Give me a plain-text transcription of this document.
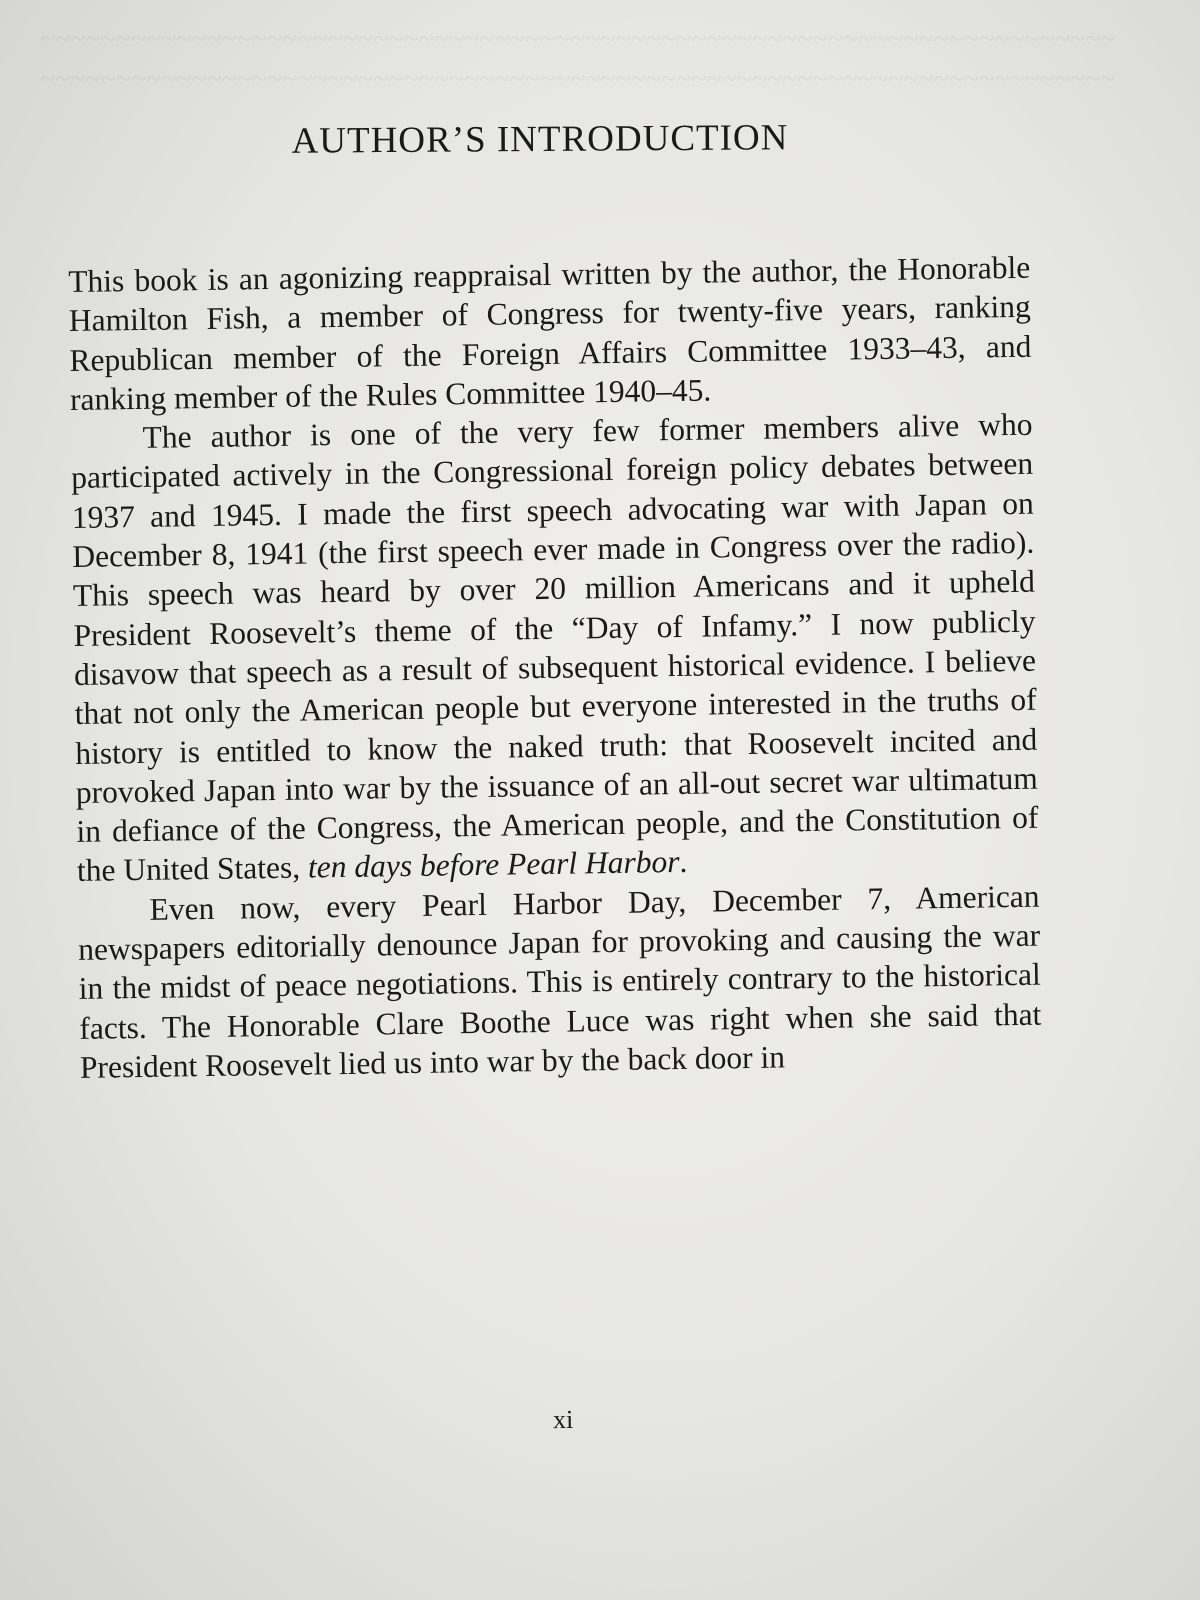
~~~~~~~~~~~~~~~~~~~~~~~~~~~~~~~~~~~~~~~~~~~~~~~~~~~~~~~~~~~~~~~~~~~~~~~
~~~~~~~~~~~~~~~~~~~~~~~~~~~~~~~~~~~~~~~~~~~~~~~~~~~~~~~~~~~~~~~~~~~~~~~
AUTHOR’S INTRODUCTION

This book is an agonizing reappraisal written by the author, the Honorable Hamilton Fish, a member of Congress for twenty-five years, ranking Republican member of the Foreign Affairs Committee 1933–43, and ranking member of the Rules Committee 1940–45.

The author is one of the very few former members alive who participated actively in the Congressional foreign policy debates between 1937 and 1945. I made the first speech advocating war with Japan on December 8, 1941 (the first speech ever made in Congress over the radio). This speech was heard by over 20 million Americans and it upheld President Roosevelt’s theme of the “Day of Infamy.” I now publicly disavow that speech as a result of subsequent historical evidence. I believe that not only the American people but everyone interested in the truths of history is entitled to know the naked truth: that Roosevelt incited and provoked Japan into war by the issuance of an all-out secret war ultimatum in defiance of the Congress, the American people, and the Constitution of the United States, ten days before Pearl Harbor.

Even now, every Pearl Harbor Day, December 7, American newspapers editorially denounce Japan for provoking and causing the war in the midst of peace negotiations. This is entirely contrary to the historical facts. The Honorable Clare Boothe Luce was right when she said that President Roosevelt lied us into war by the back door in

xi
